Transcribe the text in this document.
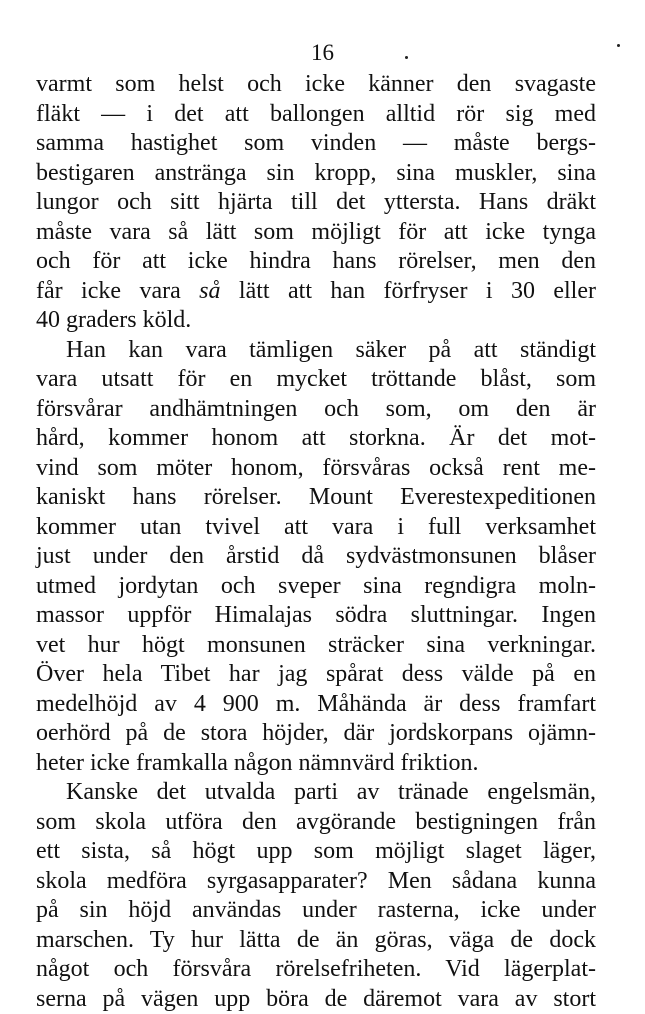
16
varmt som helst och icke känner den svagaste
fläkt — i det att ballongen alltid rör sig med
samma hastighet som vinden — måste bergs-
bestigaren anstränga sin kropp, sina muskler, sina
lungor och sitt hjärta till det yttersta. Hans dräkt
måste vara så lätt som möjligt för att icke tynga
och för att icke hindra hans rörelser, men den
får icke vara så lätt att han förfryser i 30 eller
40 graders köld.
Han kan vara tämligen säker på att ständigt
vara utsatt för en mycket tröttande blåst, som
försvårar andhämtningen och som, om den är
hård, kommer honom att storkna. Är det mot-
vind som möter honom, försvåras också rent me-
kaniskt hans rörelser. Mount Everestexpeditionen
kommer utan tvivel att vara i full verksamhet
just under den årstid då sydvästmonsunen blåser
utmed jordytan och sveper sina regndigra moln-
massor uppför Himalajas södra sluttningar. Ingen
vet hur högt monsunen sträcker sina verkningar.
Över hela Tibet har jag spårat dess välde på en
medelhöjd av 4 900 m. Måhända är dess framfart
oerhörd på de stora höjder, där jordskorpans ojämn-
heter icke framkalla någon nämnvärd friktion.
Kanske det utvalda parti av tränade engelsmän,
som skola utföra den avgörande bestigningen från
ett sista, så högt upp som möjligt slaget läger,
skola medföra syrgasapparater? Men sådana kunna
på sin höjd användas under rasterna, icke under
marschen. Ty hur lätta de än göras, väga de dock
något och försvåra rörelsefriheten. Vid lägerplat-
serna på vägen upp böra de däremot vara av stort
